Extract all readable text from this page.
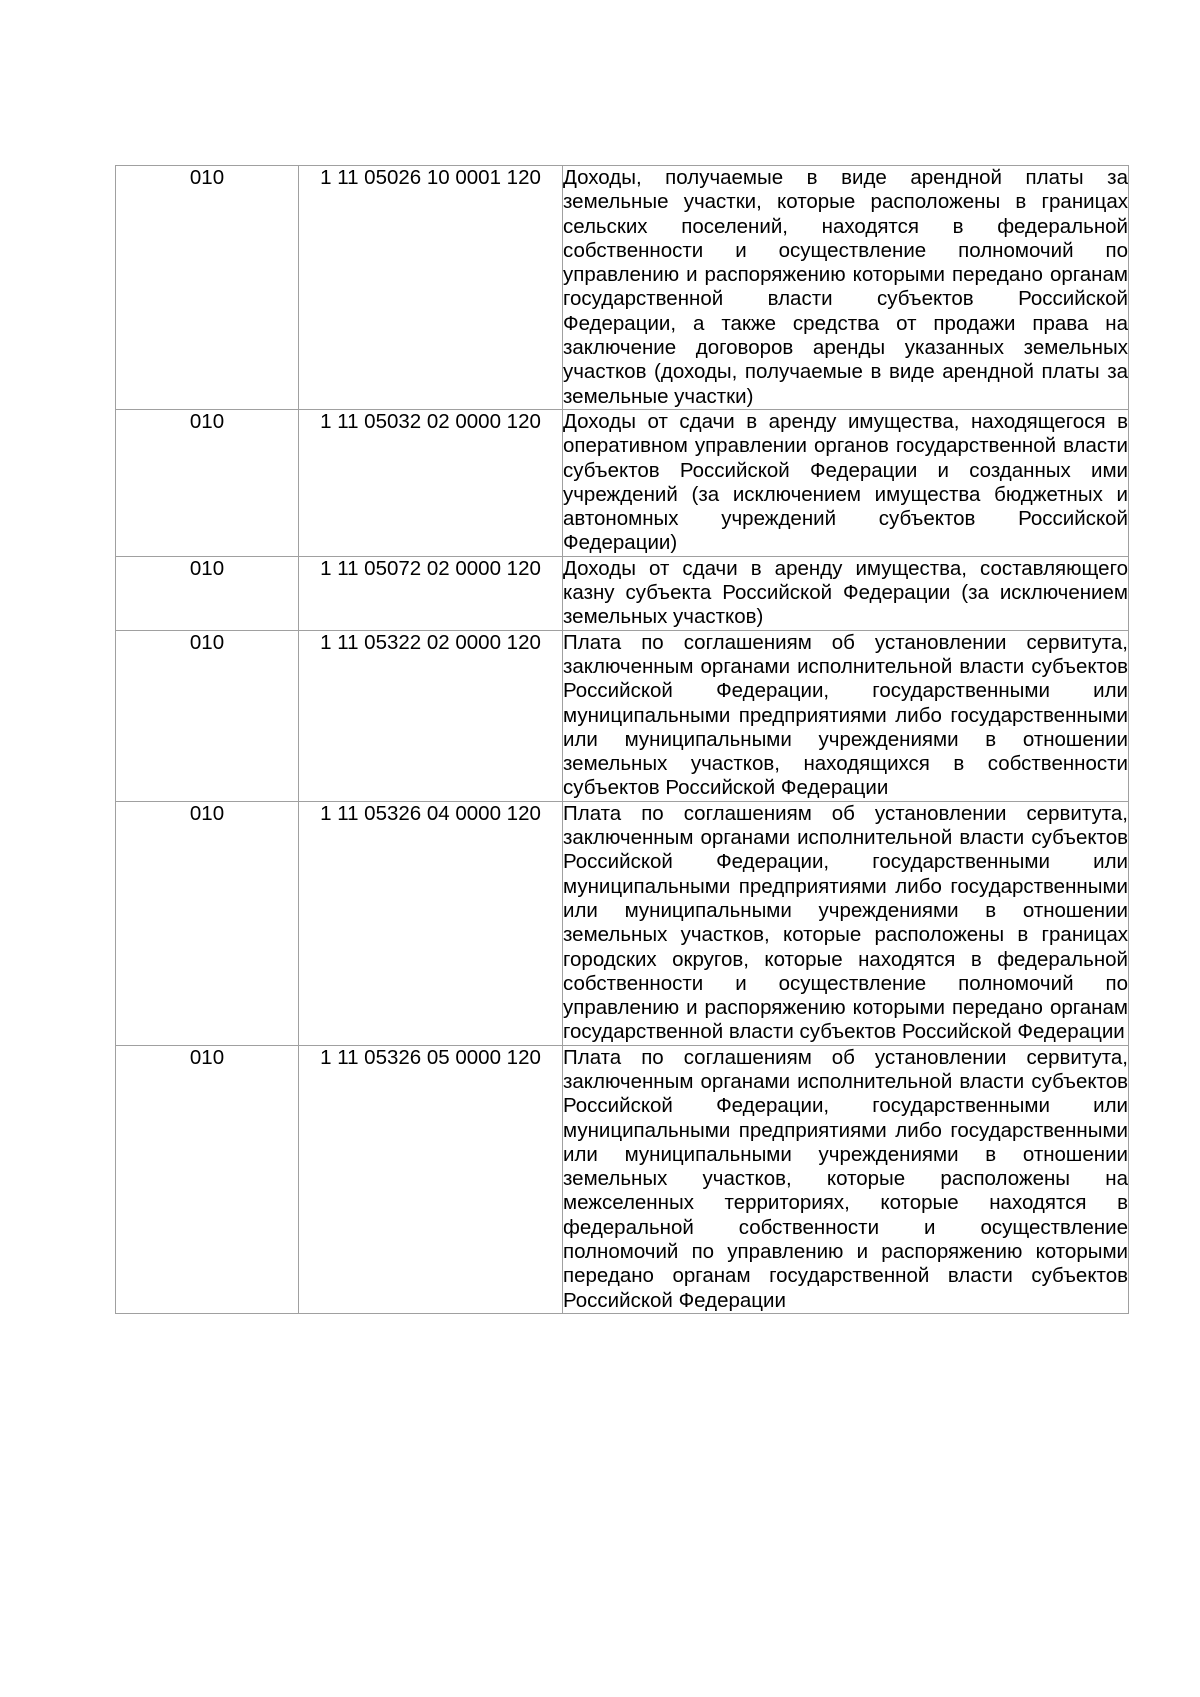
010	1 11 05026 10 0001 120	Доходы, получаемые в виде арендной платы за земельные участки, которые расположены в границах сельских поселений, находятся в федеральной собственности и осуществление полномочий по управлению и распоряжению которыми передано органам государственной власти субъектов Российской Федерации, а также средства от продажи права на заключение договоров аренды указанных земельных участков (доходы, получаемые в виде арендной платы за земельные участки)

010	1 11 05032 02 0000 120	Доходы от сдачи в аренду имущества, находящегося в оперативном управлении органов государственной власти субъектов Российской Федерации и созданных ими учреждений (за исключением имущества бюджетных и автономных учреждений субъектов Российской Федерации)

010	1 11 05072 02 0000 120	Доходы от сдачи в аренду имущества, составляющего казну субъекта Российской Федерации (за исключением земельных участков)

010	1 11 05322 02 0000 120	Плата по соглашениям об установлении сервитута, заключенным органами исполнительной власти субъектов Российской Федерации, государственными или муниципальными предприятиями либо государственными или муниципальными учреждениями в отношении земельных участков, находящихся в собственности субъектов Российской Федерации

010	1 11 05326 04 0000 120	Плата по соглашениям об установлении сервитута, заключенным органами исполнительной власти субъектов Российской Федерации, государственными или муниципальными предприятиями либо государственными или муниципальными учреждениями в отношении земельных участков, которые расположены в границах городских округов, которые находятся в федеральной собственности и осуществление полномочий по управлению и распоряжению которыми передано органам государственной власти субъектов Российской Федерации

010	1 11 05326 05 0000 120	Плата по соглашениям об установлении сервитута, заключенным органами исполнительной власти субъектов Российской Федерации, государственными или муниципальными предприятиями либо государственными или муниципальными учреждениями в отношении земельных участков, которые расположены на межселенных территориях, которые находятся в федеральной собственности и осуществление полномочий по управлению и распоряжению которыми передано органам государственной власти субъектов Российской Федерации
